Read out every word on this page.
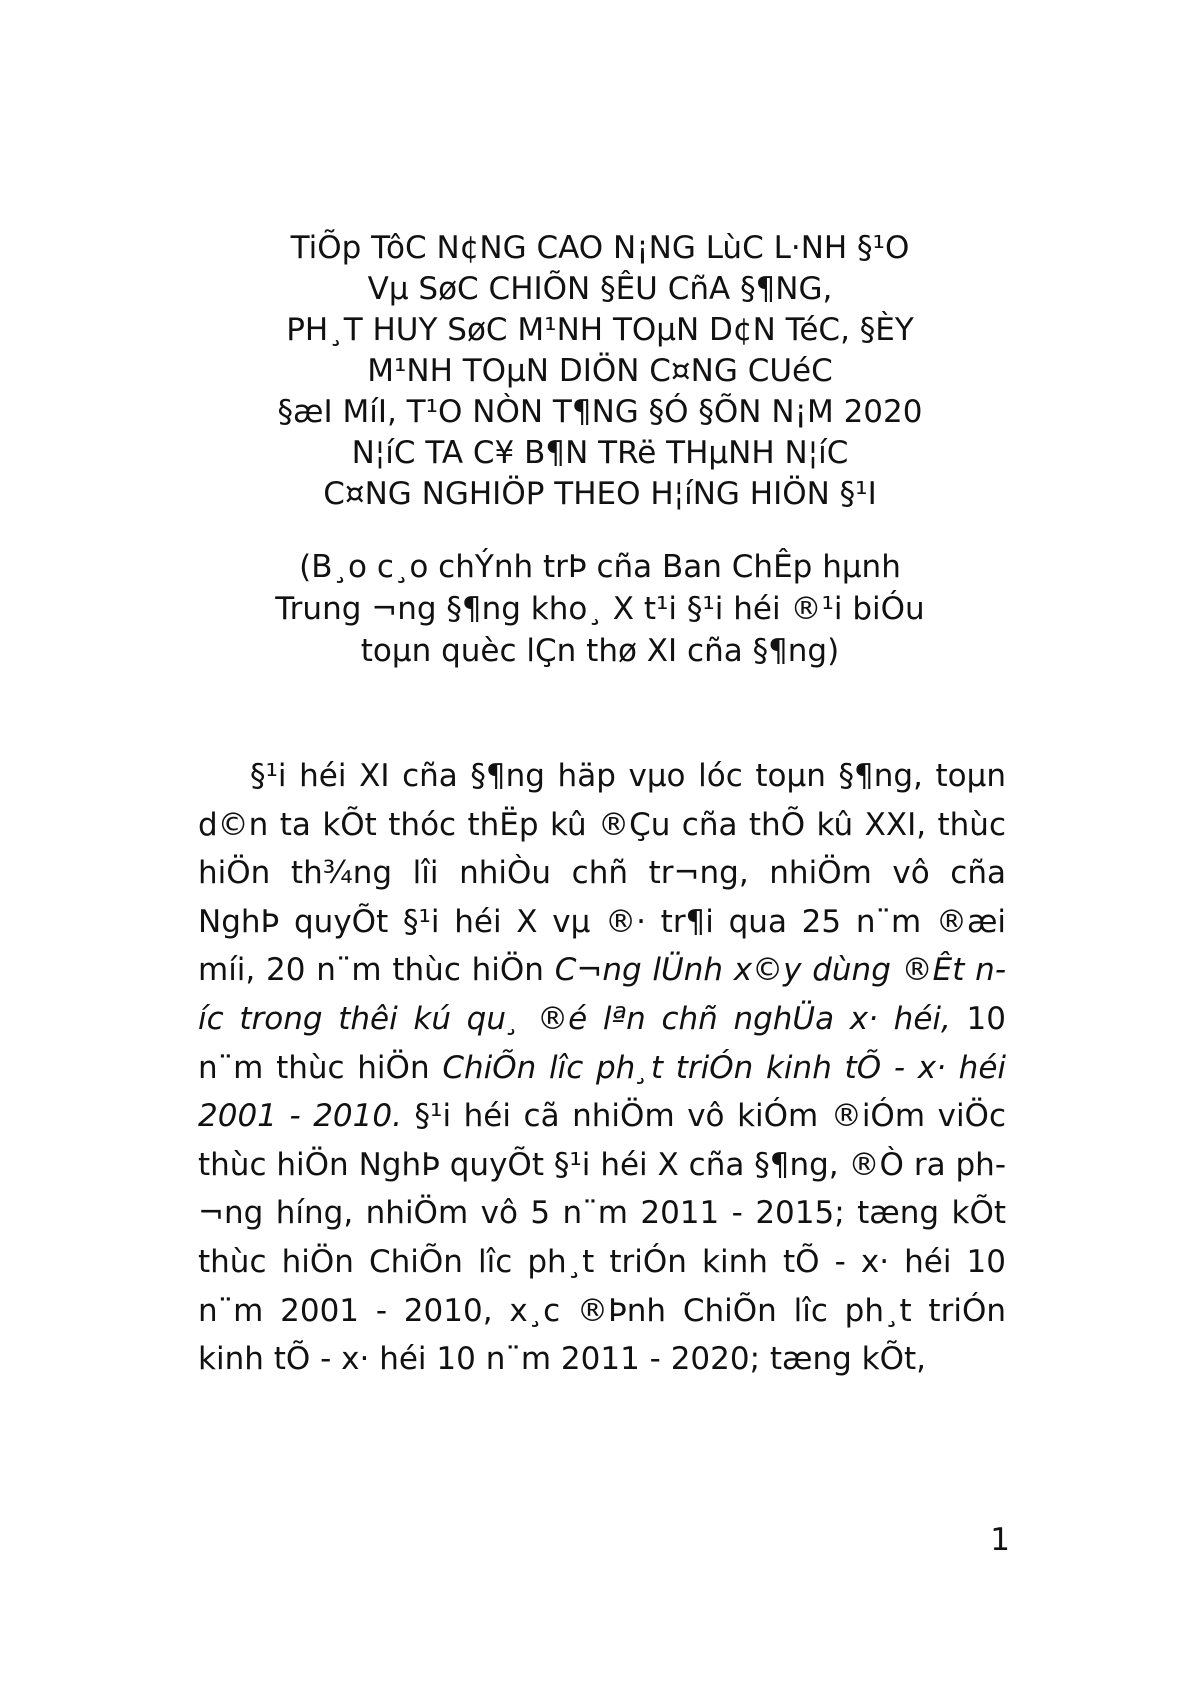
TiÕp TôC N¢NG CAO N¡NG LùC L·NH §¹O
Vµ SøC CHIÕN §ÊU CñA §¶NG,
PH¸T HUY SøC M¹NH TOµN D¢N TéC, §ÈY
M¹NH TOµN DIÖN C¤NG CUéC
§æI MíI, T¹O NÒN T¶NG §Ó §ÕN N¡M 2020
N¦íC TA C¥ B¶N TRë THµNH N¦íC
C¤NG NGHIÖP THEO H¦íNG HIÖN §¹I
(B¸o c¸o chÝnh trÞ cña Ban ChÊp hµnh
Trung ¬ng §¶ng kho¸ X t¹i §¹i héi ®¹i biÓu
toµn quèc lÇn thø XI cña §¶ng)

§¹i héi XI cña §¶ng häp vµo lóc toµn §¶ng, toµn d©n ta kÕt thóc thËp kû ®Çu cña thÕ kû XXI, thùc hiÖn th¾ng lîi nhiÒu chñ tr¬ng, nhiÖm vô cña NghÞ quyÕt §¹i héi X vµ ®· tr¶i qua 25 n¨m ®æi míi, 20 n¨m thùc hiÖn C¬ng lÜnh x©y dùng ®Êt níc trong thêi kú qu¸ ®é lªn chñ nghÜa x· héi, 10 n¨m thùc hiÖn ChiÕn lîc ph¸t triÓn kinh tÕ - x· héi 2001 - 2010. §¹i héi cã nhiÖm vô kiÓm ®iÓm viÖc thùc hiÖn NghÞ quyÕt §¹i héi X cña §¶ng, ®Ò ra ph¬ng híng, nhiÖm vô 5 n¨m 2011 - 2015; tæng kÕt thùc hiÖn ChiÕn lîc ph¸t triÓn kinh tÕ - x· héi 10 n¨m 2001 - 2010, x¸c ®Þnh ChiÕn lîc ph¸t triÓn kinh tÕ - x· héi 10 n¨m 2011 - 2020; tæng kÕt,

1
